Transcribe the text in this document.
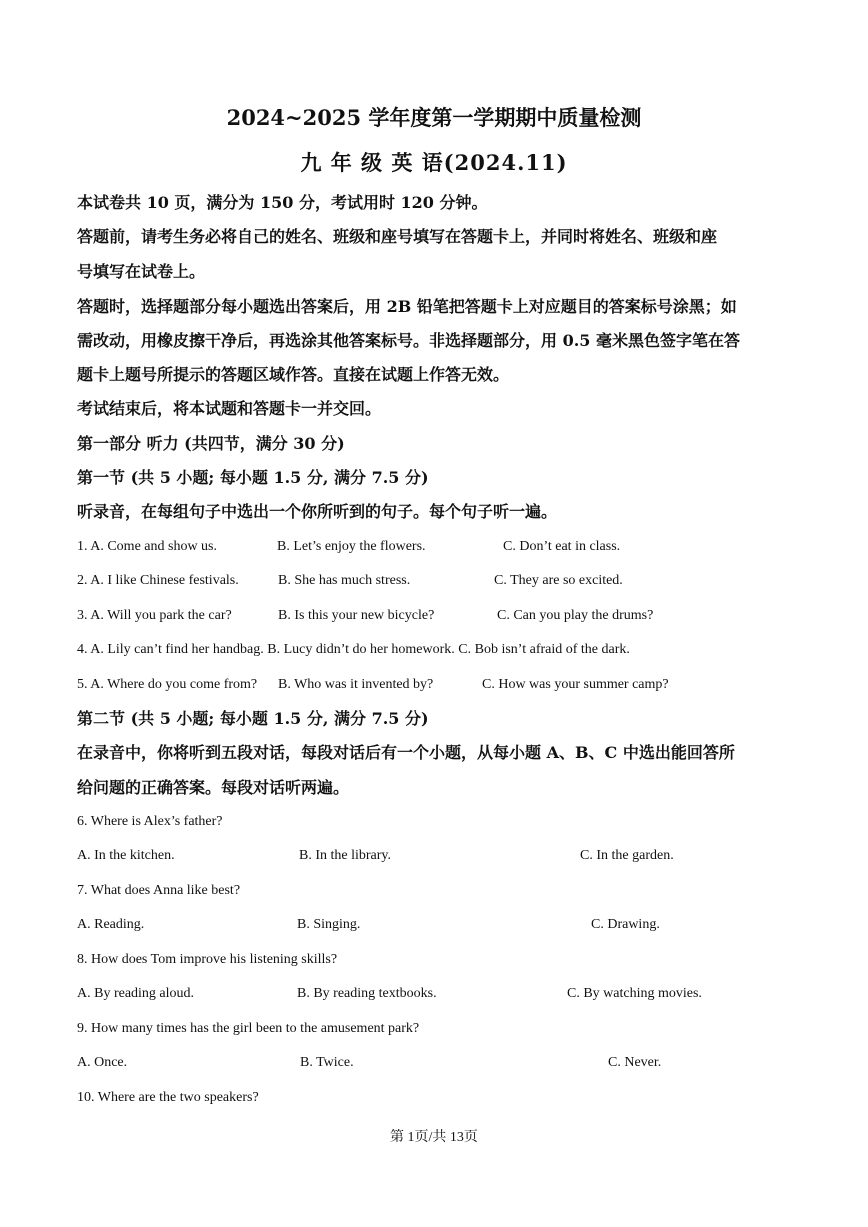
2024~2025 学年度第一学期期中质量检测
九 年 级 英 语(2024.11)
本试卷共 10 页，满分为 150 分，考试用时 120 分钟。
答题前，请考生务必将自己的姓名、班级和座号填写在答题卡上，并同时将姓名、班级和座
号填写在试卷上。
答题时，选择题部分每小题选出答案后，用 2B 铅笔把答题卡上对应题目的答案标号涂黑；如
需改动，用橡皮擦干净后，再选涂其他答案标号。非选择题部分，用 0.5 毫米黑色签字笔在答
题卡上题号所提示的答题区域作答。直接在试题上作答无效。
考试结束后，将本试题和答题卡一并交回。
第一部分 听力 (共四节，满分 30 分)
第一节 (共 5 小题; 每小题 1.5 分, 满分 7.5 分)
听录音，在每组句子中选出一个你所听到的句子。每个句子听一遍。
1. A. Come and show us.	B. Let’s enjoy the flowers.	C. Don’t eat in class.
2. A. I like Chinese festivals.	B. She has much stress.	C. They are so excited.
3. A. Will you park the car?	B. Is this your new bicycle?	C. Can you play the drums?
4. A. Lily can’t find her handbag. B. Lucy didn’t do her homework. C. Bob isn’t afraid of the dark.
5. A. Where do you come from? B. Who was it invented by?	C. How was your summer camp?
第二节 (共 5 小题; 每小题 1.5 分, 满分 7.5 分)
在录音中，你将听到五段对话，每段对话后有一个小题，从每小题 A、B、C 中选出能回答所
给问题的正确答案。每段对话听两遍。
6. Where is Alex’s father?
A. In the kitchen.	B. In the library.	C. In the garden.
7. What does Anna like best?
A. Reading.	B. Singing.	C. Drawing.
8. How does Tom improve his listening skills?
A. By reading aloud.	B. By reading textbooks.	C. By watching movies.
9. How many times has the girl been to the amusement park?
A. Once.	B. Twice.	C. Never.
10. Where are the two speakers?
第 1页/共 13页
